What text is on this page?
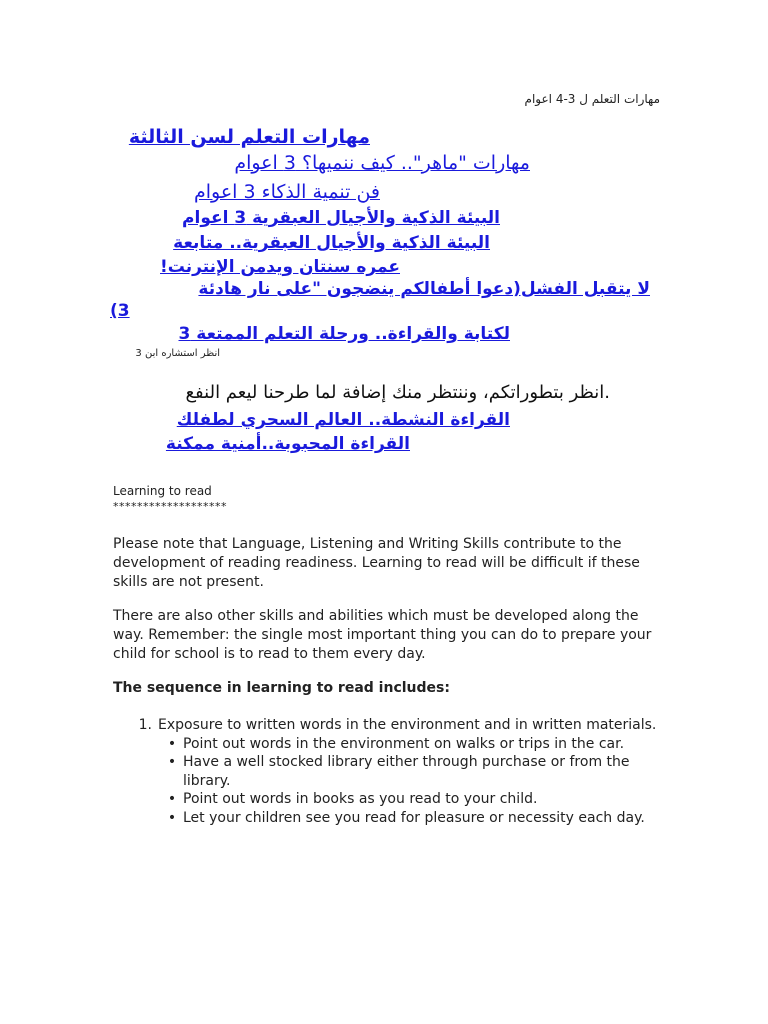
مهارات التعلم ل 3-4 اعوام
مهارات التعلم لسن الثالثة
مهارات "ماهر".. كيف ننميها؟ 3 اعوام
فن تنمية الذكاء 3 اعوام
البيئة الذكية والأجيال العبقرية 3 اعوام
البيئة الذكية والأجيال العبقرية.. متابعة
عمره سنتان ويدمن الإنترنت!
لا يتقبل الفشل(دعوا أطفالكم ينضجون "على نار هادئة
(3
لكتابة والقراءة.. ورحلة التعلم الممتعة 3
انظر استشاره ابن 3
.انظر بتطوراتكم، وننتظر منك إضافة لما طرحنا ليعم النفع
القراءة النشطة.. العالم السحري لطفلك
القراءة المحبوبة..أمنية ممكنة
Learning to read
*******************
Please note that Language, Listening and Writing Skills contribute to the development of reading readiness. Learning to read will be difficult if these skills are not present.
There are also other skills and abilities which must be developed along the way. Remember: the single most important thing you can do to prepare your child for school is to read to them every day.
The sequence in learning to read includes:
1. Exposure to written words in the environment and in written materials.
• Point out words in the environment on walks or trips in the car.
• Have a well stocked library either through purchase or from the library.
• Point out words in books as you read to your child.
• Let your children see you read for pleasure or necessity each day.
